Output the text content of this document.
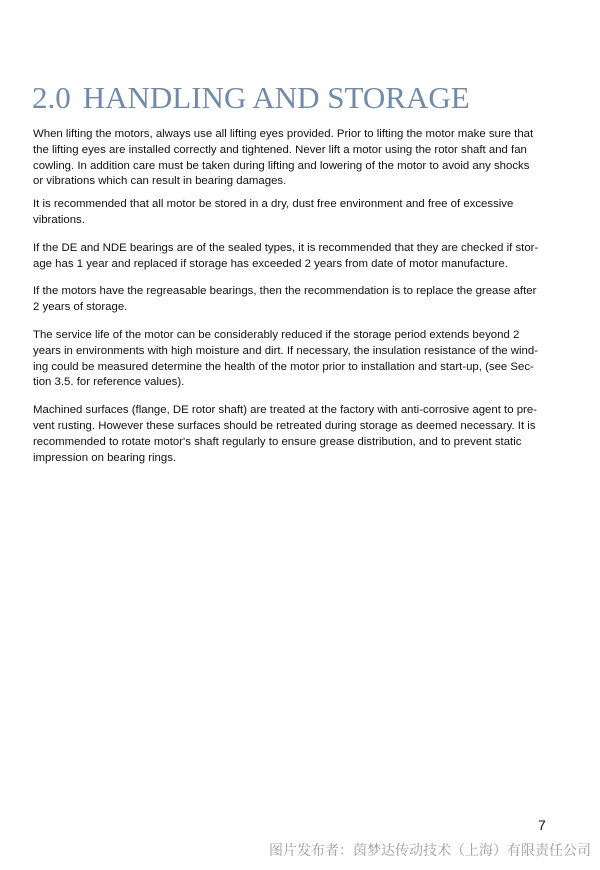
2.0 HANDLING AND STORAGE

When lifting the motors, always use all lifting eyes provided. Prior to lifting the motor make sure that
the lifting eyes are installed correctly and tightened. Never lift a motor using the rotor shaft and fan
cowling. In addition care must be taken during lifting and lowering of the motor to avoid any shocks
or vibrations which can result in bearing damages.

It is recommended that all motor be stored in a dry, dust free environment and free of excessive
vibrations.

If the DE and NDE bearings are of the sealed types, it is recommended that they are checked if stor-
age has 1 year and replaced if storage has exceeded 2 years from date of motor manufacture.

If the motors have the regreasable bearings, then the recommendation is to replace the grease after
2 years of storage.

The service life of the motor can be considerably reduced if the storage period extends beyond 2
years in environments with high moisture and dirt. If necessary, the insulation resistance of the wind-
ing could be measured determine the health of the motor prior to installation and start-up, (see Sec-
tion 3.5. for reference values).

Machined surfaces (flange, DE rotor shaft) are treated at the factory with anti-corrosive agent to pre-
vent rusting. However these surfaces should be retreated during storage as deemed necessary. It is
recommended to rotate motor's shaft regularly to ensure grease distribution, and to prevent static
impression on bearing rings.

7
图片发布者：茵梦达传动技术（上海）有限责任公司
